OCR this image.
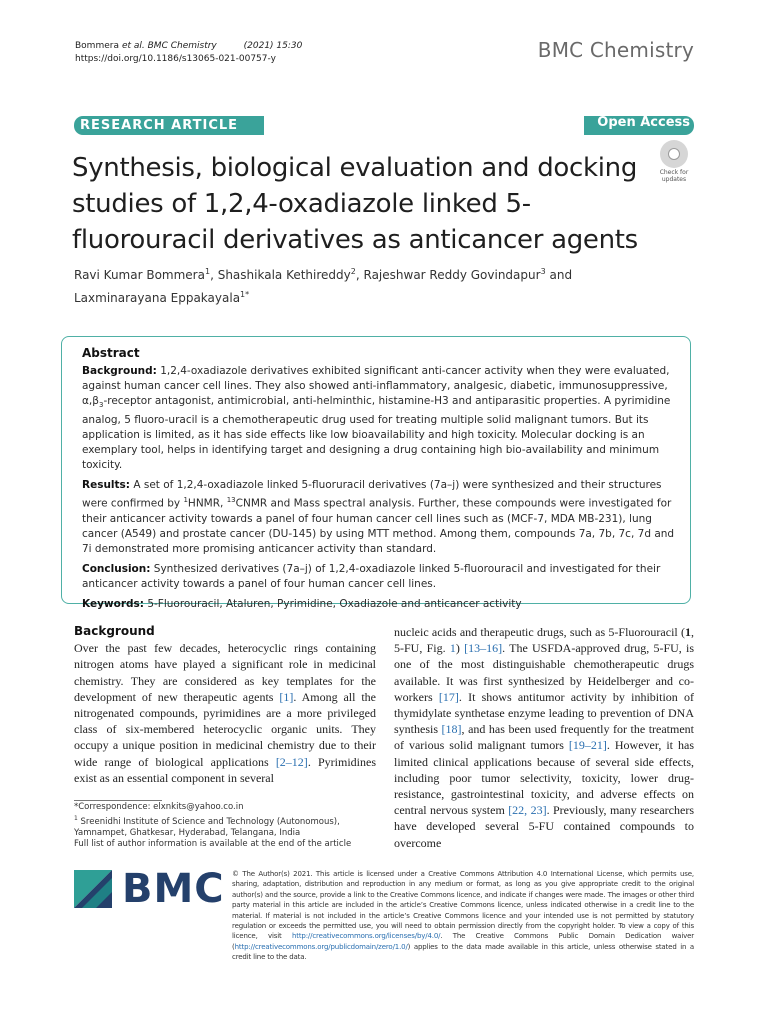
Bommera et al. BMC Chemistry	(2021) 15:30
https://doi.org/10.1186/s13065-021-00757-y	BMC Chemistry
RESEARCH ARTICLE	Open Access
Synthesis, biological evaluation and docking studies of 1,2,4-oxadiazole linked 5-fluorouracil derivatives as anticancer agents
Check for updates
Ravi Kumar Bommera$^1$, Shashikala Kethireddy$^2$, Rajeshwar Reddy Govindapur$^3$ and
Laxminarayana Eppakayala$^{1*}$
Abstract

Background: 1,2,4-oxadiazole derivatives exhibited significant anti-cancer activity when they were evaluated, against human cancer cell lines. They also showed anti-inflammatory, analgesic, diabetic, immunosuppressive, $\alpha,\beta_3$-receptor antagonist, antimicrobial, anti-helminthic, histamine-H3 and antiparasitic properties. A pyrimidine analog, 5 fluoro-uracil is a chemotherapeutic drug used for treating multiple solid malignant tumors. But its application is limited, as it has side effects like low bioavailability and high toxicity. Molecular docking is an exemplary tool, helps in identifying target and designing a drug containing high bio-availability and minimum toxicity.

Results: A set of 1,2,4-oxadiazole linked 5-fluoruracil derivatives (7a–j) were synthesized and their structures were confirmed by $^1$HNMR, $^{13}$CNMR and Mass spectral analysis. Further, these compounds were investigated for their anticancer activity towards a panel of four human cancer cell lines such as (MCF-7, MDA MB-231), lung cancer (A549) and prostate cancer (DU-145) by using MTT method. Among them, compounds 7a, 7b, 7c, 7d and 7i demonstrated more promising anticancer activity than standard.

Conclusion: Synthesized derivatives (7a–j) of 1,2,4-oxadiazole linked 5-fluorouracil and investigated for their anticancer activity towards a panel of four human cancer cell lines.

Keywords: 5-Fluorouracil, Ataluren, Pyrimidine, Oxadiazole and anticancer activity

Background
Over the past few decades, heterocyclic rings containing nitrogen atoms have played a significant role in medicinal chemistry. They are considered as key templates for the development of new therapeutic agents [1]. Among all the nitrogenated compounds, pyrimidines are a more privileged class of six-membered heterocyclic organic units. They occupy a unique position in medicinal chemistry due to their wide range of biological applications [2–12]. Pyrimidines exist as an essential component in several
nucleic acids and therapeutic drugs, such as 5-Fluorouracil (1, 5-FU, Fig. 1) [13–16]. The USFDA-approved drug, 5-FU, is one of the most distinguishable chemotherapeutic drugs available. It was first synthesized by Heidelberger and co-workers [17]. It shows antitumor activity by inhibition of thymidylate synthetase enzyme leading to prevention of DNA synthesis [18], and has been used frequently for the treatment of various solid malignant tumors [19–21]. However, it has limited clinical applications because of several side effects, including poor tumor selectivity, toxicity, lower drug-resistance, gastrointestinal toxicity, and adverse effects on central nervous system [22, 23]. Previously, many researchers have developed several 5-FU contained compounds to overcome
*Correspondence: elxnkits@yahoo.co.in
$^1$ Sreenidhi Institute of Science and Technology (Autonomous), Yamnampet, Ghatkesar, Hyderabad, Telangana, India
Full list of author information is available at the end of the article
BMC © The Author(s) 2021. This article is licensed under a Creative Commons Attribution 4.0 International License, which permits use, sharing, adaptation, distribution and reproduction in any medium or format, as long as you give appropriate credit to the original author(s) and the source, provide a link to the Creative Commons licence, and indicate if changes were made. The images or other third party material in this article are included in the article’s Creative Commons licence, unless indicated otherwise in a credit line to the material. If material is not included in the article’s Creative Commons licence and your intended use is not permitted by statutory regulation or exceeds the permitted use, you will need to obtain permission directly from the copyright holder. To view a copy of this licence, visit http://creativecommons.org/licenses/by/4.0/. The Creative Commons Public Domain Dedication waiver (http://creativecommons.org/publicdomain/zero/1.0/) applies to the data made available in this article, unless otherwise stated in a credit line to the data.
